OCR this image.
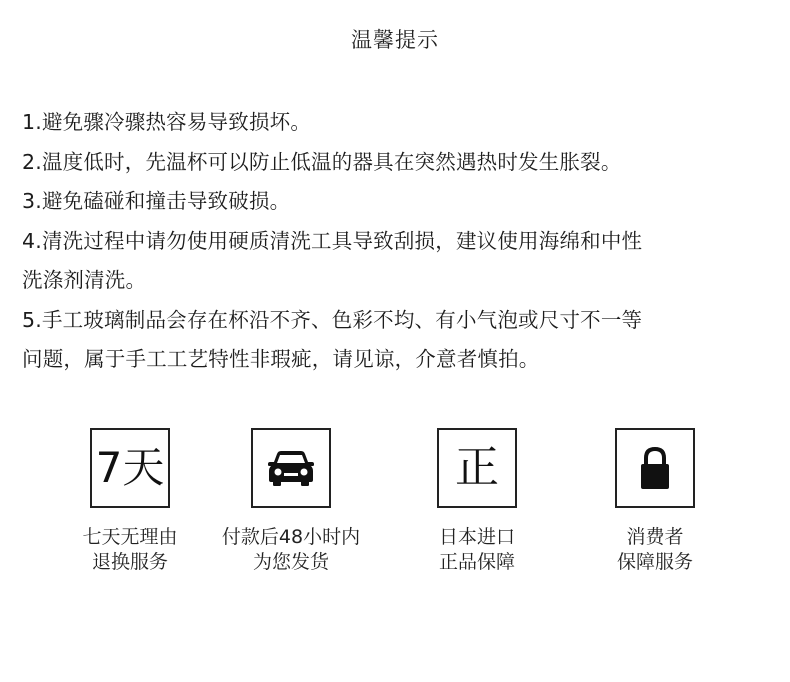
温馨提示
1.避免骤冷骤热容易导致损坏。
2.温度低时，先温杯可以防止低温的器具在突然遇热时发生胀裂。
3.避免磕碰和撞击导致破损。
4.清洗过程中请勿使用硬质清洗工具导致刮损，建议使用海绵和中性
洗涤剂清洗。
5.手工玻璃制品会存在杯沿不齐、色彩不均、有小气泡或尺寸不一等
问题，属于手工工艺特性非瑕疵，请见谅，介意者慎拍。
7天
七天无理由
退换服务
付款后48小时内
为您发货
正
日本进口
正品保障
消费者
保障服务
